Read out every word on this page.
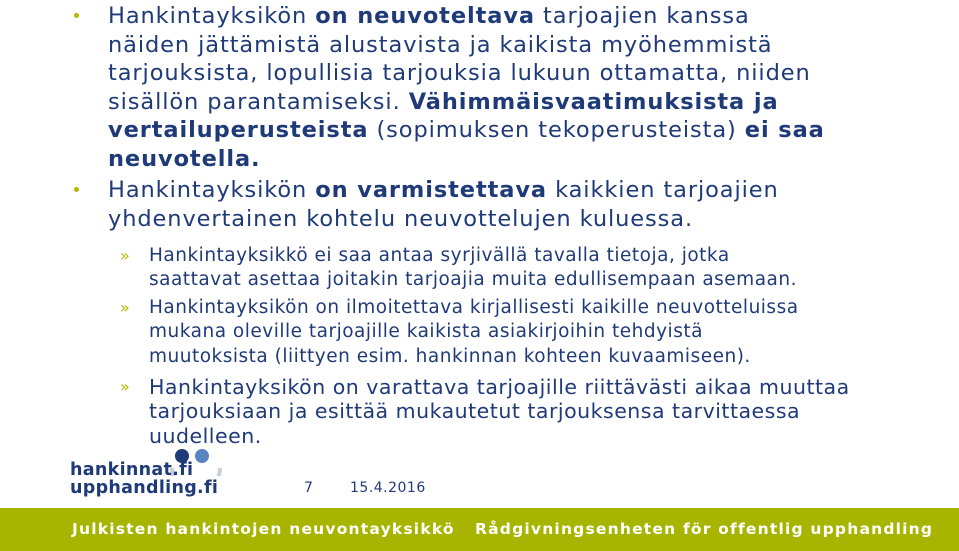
Hankintayksikön on neuvoteltava tarjoajien kanssa
näiden jättämistä alustavista ja kaikista myöhemmistä
tarjouksista, lopullisia tarjouksia lukuun ottamatta, niiden
sisällön parantamiseksi. Vähimmäisvaatimuksista ja
vertailuperusteista (sopimuksen tekoperusteista) ei saa
neuvotella.
Hankintayksikön on varmistettava kaikkien tarjoajien
yhdenvertainen kohtelu neuvottelujen kuluessa.
» Hankintayksikkö ei saa antaa syrjivällä tavalla tietoja, jotka
saattavat asettaa joitakin tarjoajia muita edullisempaan asemaan.
» Hankintayksikön on ilmoitettava kirjallisesti kaikille neuvotteluissa
mukana oleville tarjoajille kaikista asiakirjoihin tehdyistä
muutoksista (liittyen esim. hankinnan kohteen kuvaamiseen).
» Hankintayksikön on varattava tarjoajille riittävästi aikaa muuttaa
tarjouksiaan ja esittää mukautetut tarjouksensa tarvittaessa
uudelleen.
hankinnat.fi
upphandling.fi	7	15.4.2016
Julkisten hankintojen neuvontayksikkö Rådgivningsenheten för offentlig upphandling
